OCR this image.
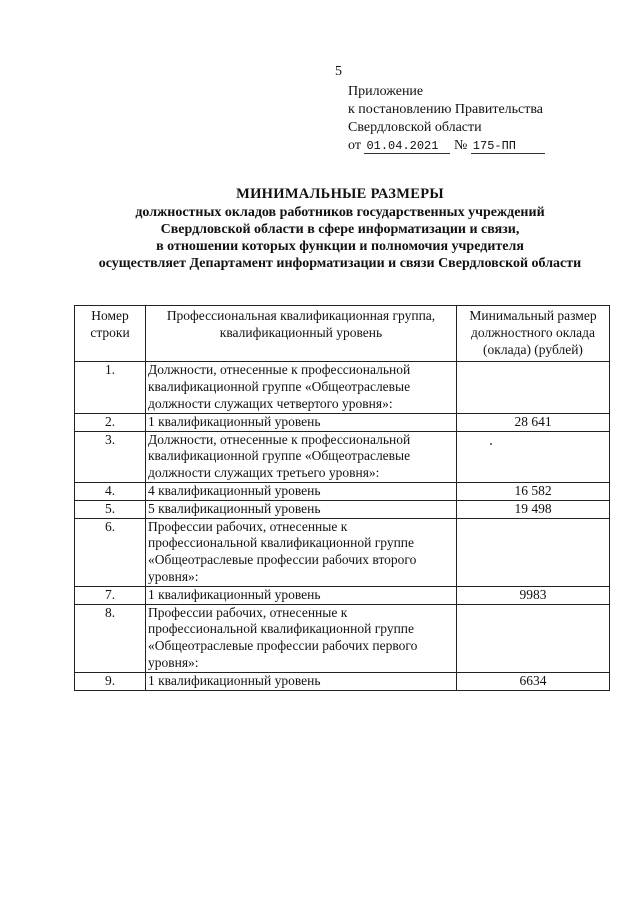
5
Приложение
к постановлению Правительства
Свердловской области
от 01.04.2021 № 175-ПП
МИНИМАЛЬНЫЕ РАЗМЕРЫ
должностных окладов работников государственных учреждений
Свердловской области в сфере информатизации и связи,
в отношении которых функции и полномочия учредителя
осуществляет Департамент информатизации и связи Свердловской области
Номер строки	Профессиональная квалификационная группа, квалификационный уровень	Минимальный размер должностного оклада (оклада) (рублей)
1.	Должности, отнесенные к профессиональной квалификационной группе «Общеотраслевые должности служащих четвертого уровня»:	
2.	1 квалификационный уровень	28 641
3.	Должности, отнесенные к профессиональной квалификационной группе «Общеотраслевые должности служащих третьего уровня»:	
4.	4 квалификационный уровень	16 582
5.	5 квалификационный уровень	19 498
6.	Профессии рабочих, отнесенные к профессиональной квалификационной группе «Общеотраслевые профессии рабочих второго уровня»:	
7.	1 квалификационный уровень	9983
8.	Профессии рабочих, отнесенные к профессиональной квалификационной группе «Общеотраслевые профессии рабочих первого уровня»:	
9.	1 квалификационный уровень	6634
